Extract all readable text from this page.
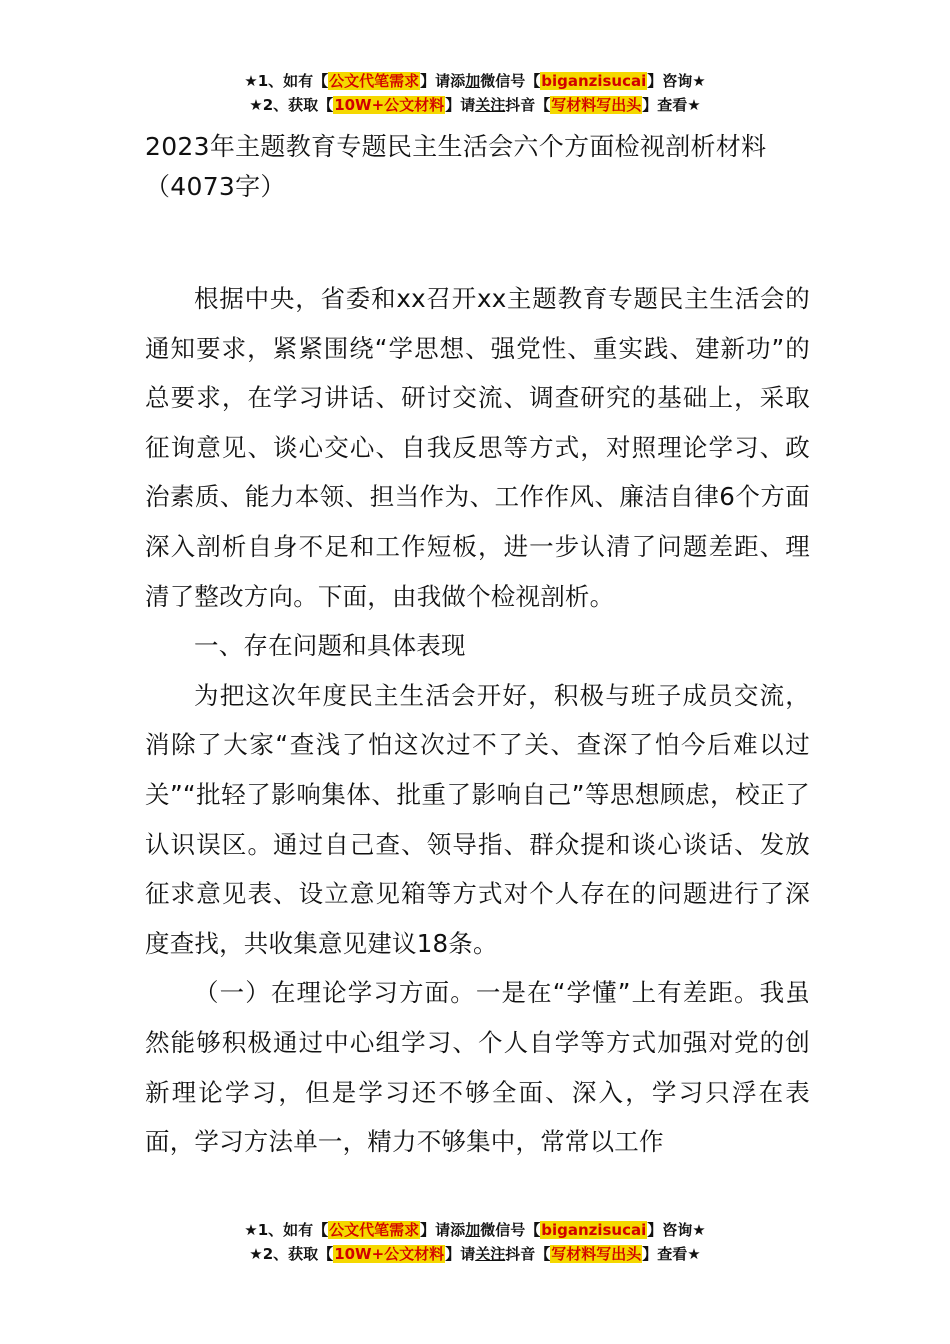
★1、如有【公文代笔需求】请添加微信号【biganzisucai】咨询★
★2、获取【10W+公文材料】请关注抖音【写材料写出头】查看★
2023年主题教育专题民主生活会六个方面检视剖析材料（4073字）

根据中央，省委和xx召开xx主题教育专题民主生活会的通知要求，紧紧围绕“学思想、强党性、重实践、建新功”的总要求，在学习讲话、研讨交流、调查研究的基础上，采取征询意见、谈心交心、自我反思等方式，对照理论学习、政治素质、能力本领、担当作为、工作作风、廉洁自律6个方面深入剖析自身不足和工作短板，进一步认清了问题差距、理清了整改方向。下面，由我做个检视剖析。

一、存在问题和具体表现

为把这次年度民主生活会开好，积极与班子成员交流，消除了大家“查浅了怕这次过不了关、查深了怕今后难以过关”“批轻了影响集体、批重了影响自己”等思想顾虑，校正了认识误区。通过自己查、领导指、群众提和谈心谈话、发放征求意见表、设立意见箱等方式对个人存在的问题进行了深度查找，共收集意见建议18条。

（一）在理论学习方面。一是在“学懂”上有差距。我虽然能够积极通过中心组学习、个人自学等方式加强对党的创新理论学习，但是学习还不够全面、深入，学习只浮在表面，学习方法单一，精力不够集中，常常以工作

★1、如有【公文代笔需求】请添加微信号【biganzisucai】咨询★
★2、获取【10W+公文材料】请关注抖音【写材料写出头】查看★
